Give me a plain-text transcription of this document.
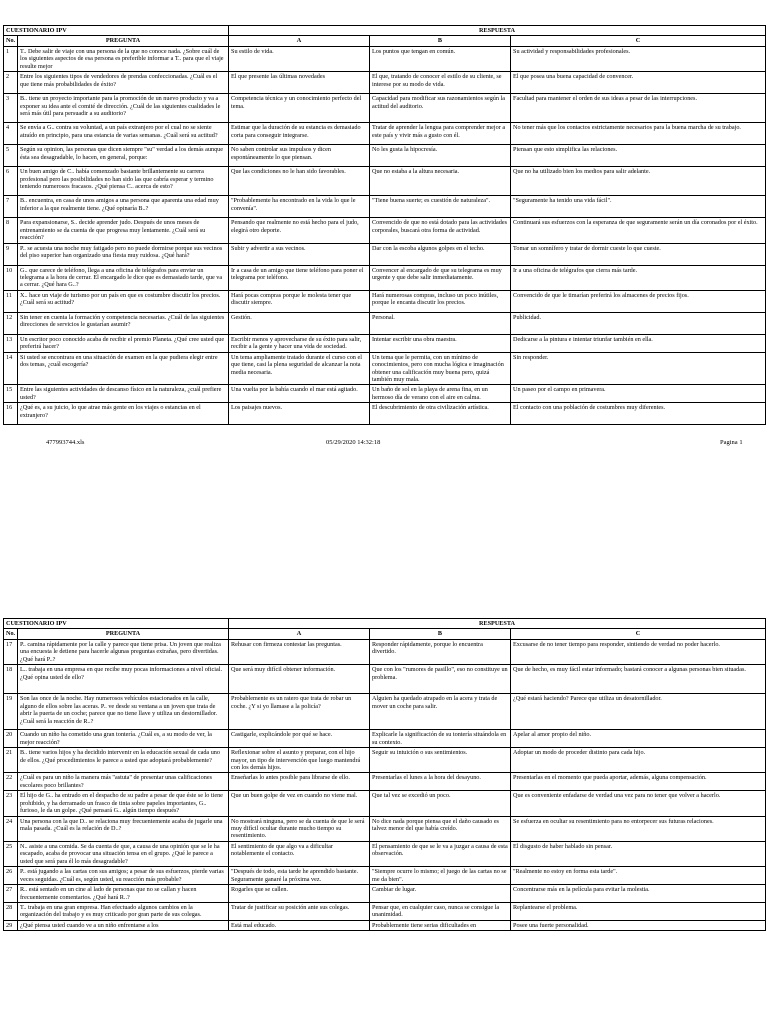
CUESTIONARIO IPV		RESPUESTA		
No.	PREGUNTA	A	B	C
1	T.. Debe salir de viaje con una persona de la que no conoce nada. ¿Sobre cuál de los siguientes aspectos de esa persona es preferible informar a T.. para que el viaje resulte mejor	Su estilo de vida.	Los puntos que tengan en común.	Su actividad y responsabilidades profesionales.
2	Entre los siguientes tipos de vendedores de prendas confeccionadas. ¿Cuál es el que tiene más probabilidades de éxito?	El que presente las últimas novedades	El que, tratando de conocer el estilo de su cliente, se interese por su modo de vida.	El que posea una buena capacidad de convencer.
3	B.. tiene un proyecto importante para la promoción de un nuevo producto y va a exponer su idea ante el comité de dirección. ¿Cuál de las siguientes cualidades le será más útil para persuadir a su auditorio?	Competencia técnica y un conocimiento perfecto del tema.	Capacidad para modificar sus razonamientos según la actitud del auditorio.	Facultad para mantener el orden de sus ideas a pesar de las interrupciones.
4	Se envía a G.. contra su voluntad, a un país extranjero por el cual no se siente atraído en principio, para una estancia de varias semanas. ¿Cuál será su actitud?	Estimar que la duración de su estancia es demasiado corta para conseguir integrarse.	Tratar de aprender la lengua para comprender mejor a este país y vivir más a gusto con él.	No tener más que los contactos estrictamente necesarios para la buena marcha de su trabajo.
5	Según su opinion, las personas que dicen siempre "su" verdad a los demás aunque ésta sea desagradable, lo hacen, en general, porque:	No saben controlar sus impulsos y dicen espontáneamente lo que piensan.	No les gusta la hipocresía.	Piensan que esto simplifica las relaciones.
6	Un buen amigo de C.. había comenzado bastante brillantemente su carrera profesional pero las posibilidades no han sido las que cabría esperar y termino teniendo numerosos fracasos. ¿Qué piensa C.. acerca de esto?	Que las condiciones no le han sido favorables.	Que no estaba a la altura necesaria.	Que no ha utilizado bien los medios para salir adelante.
7	B.. encuentra, en casa de unos amigos a una persona que aparenta una edad muy inferior a la que realmente tiene. ¿Qué opinaría B..?	"Probablemente ha encontrado en la vida lo que le convenía".	"Tiene buena suerte; es cuestión de naturaleza".	"Seguramente ha tenido una vida fácil".
8	Para expansionarse, S.. decide aprender judo. Después de unos meses de entrenamiento se da cuenta de que progresa muy lentamente. ¿Cuál será su reacción?	Pensando que realmente no está hecho para el judo, elegirá otro deporte.	Convencido de que no está dotado para las actividades corporales, buscará otra forma de actividad.	Continuará sus esfuerzos con la esperanza de que seguramente serán un día coronados por el éxito.
9	P.. se acuesta una noche muy fatigado pero no puede dormirse porque sus vecinos del piso superior han organizado una fiesta muy ruidosa. ¿Qué hará?	Subir y advertir a sus vecinos.	Dar con la escoba algunos golpes en el techo.	Tomar un somnífero y tratar de dormir cueste lo que cueste.
10	G.. que carece de teléfono, llega a una oficina de telégrafos para enviar un telegrama a la hora de cerrar. El encargado le dice que es demasiado tarde, que va a cerrar. ¿Qué hara G..?	Ir a casa de un amigo que tiene teléfono para poner el telegrama por teléfono.	Convencer al encargado de que su telegrama es muy urgente y que debe salir inmediatamente.	Ir a una oficina de telégrafos que cierra más tarde.
11	X.. hace un viaje de turismo por un país en que es costumbre discutir los precios. ¿Cuál será su actitud?	Hará pocas compras porque le molesta tener que discutir siempre.	Hará numerosas compras, incluso un poco inútiles, porque le encanta discutir los precios.	Convencido de que le timarían preferirá los almacenes de precios fijos.
12	Sin tener en cuenta la formación y competencia necesarias. ¿Cuál de las siguientes direcciones de servicios le gustarían asumir?	Gestión.	Personal.	Publicidad.
13	Un escritor poco conocido acaba de recibir el premio Planeta. ¿Qué cree usted que preferirá hacer?	Escribir menos y aprovecharse de su éxito para salir, recibir a la gente y hacer una vida de sociedad.	Intentar escribir una obra maestra.	Dedicarse a la pintura e intentar triunfar también en ella.
14	Si usted se encontrara en una situación de examen en la que pudiera elegir entre dos temas, ¿cuál escogería?	Un tema ampliamente tratado durante el curso con el que tiene, casi la plena seguridad de alcanzar la nota media necesaria.	Un tema que le permita, con un mínimo de conocimientos, pero con mucha lógica e imaginación obtener una calificación muy buena pero, quizá también muy mala.	Sin responder.
15	Entre las siguientes actividades de descanso físico en la naturaleza, ¿cuál prefiere usted?	Una vuelta por la bahía cuando el mar está agitado.	Un baño de sol en la playa de arena fina, en un hermoso día de verano con el aire en calma.	Un paseo por el campo en primavera.
16	¿Qué es, a su juicio, lo que atrae más gente en los viajes o estancias en el extranjero?	Los paisajes nuevos.	El descubrimiento de otra civilización artística.	El contacto con una población de costumbres muy diferentes.
477993744.xls	05/29/2020 14:32:18	Pagina 1
CUESTIONARIO IPV		RESPUESTA		
No.	PREGUNTA	A	B	C
17	P.. camina rápidamente por la calle y parece que tiene prisa. Un joven que realiza una encuesta le detiene para hacerle algunas preguntas extrañas, pero divertidas. ¿Qué hará P..?	Rehusar con firmeza contestar las preguntas.	Responder rápidamente, porque lo encuentra divertido.	Excusarse de no tener tiempo para responder, sintiendo de verdad no poder hacerlo.
18	L.. trabaja en una empresa en que recibe muy pocas informaciones a nivel oficial. ¿Qué opina usted de ello?	Que será muy difícil obtener información.	Que con los "rumores de pasillo", eso no constituye un problema.	Que de hecho, es muy fácil estar informado; bastará conocer a algunas personas bien situadas.
19	Son las once de la noche. Hay numerosos vehículos estacionados en la calle, alguno de ellos sobre las aceras. P.. ve desde su ventana a un joven que trata de abrir la puerta de un coche; parece que no tiene llave y utiliza un destornillador. ¿Cuál será la reacción de R..?	Probablemente es un ratero que trata de robar un coche. ¿Y si yo llamase a la policía?	Alguien ha quedado atrapado en la acera y trata de mover un coche para salir.	¿Qué estará haciendo? Parece que utiliza un desatornillador.
20	Cuando un niño ha cometido una gran tontería. ¿Cuál es, a su modo de ver, la mejor reacción?	Castigarle, explicándole por qué se hace.	Explicarle la significación de su tontería situándola en su contexto.	Apelar al amor propio del niño.
21	B.. tiene varios hijos y ha decidido intervenir en la educación sexual de cada uno de ellos. ¿Qué procedimientos le parece a usted que adoptará probablemente?	Reflexionar sobre el asunto y preparar, con el hijo mayor, un tipo de intervención que luego mantendrá con los demás hijos.	Seguir su intuición o sus sentimientos.	Adoptar un modo de proceder distinto para cada hijo.
22	¿Cuál es para un niño la manera más "astuta" de presentar unas calificaciones escolares poco brillantes?	Enseñarlas lo antes posible para librarse de ello.	Presentarlas el lunes a la hora del desayuno.	Presentarlas en el momento que pueda aportar, además, alguna compensación.
23	El hijo de G.. ha entrado en el despacho de su padre a pesar de que éste se lo tiene prohibido, y ha derramado un frasco de tinta sobre papeles importantes, G.. furioso, le da un golpe. ¿Qué pensará G.. algún tiempo después?	Que un buen golpe de vez en cuando no viene mal.	Que tal vez se excedió un poco.	Que es conveniente enfadarse de verdad una vez para no tener que volver a hacerlo.
24	Una persona con la que D.. se relaciona muy frecuentemente acaba de jugarle una mala pasada. ¿Cuál es la relación de D..?	No mostrará ninguna, pero se da cuenta de que le será muy difícil ocultar durante mucho tiempo su resentimiento.	No dice nada porque piensa que el daño causado es talvez menor del que había creído.	Se esfuerza en ocultar su resentimiento para no entorpecer sus futuras relaciones.
25	N.. asiste a una comida. Se da cuenta de que, a causa de una opinión que se le ha escapado, acaba de provocar una situación tensa en el grupo. ¿Qué le parece a usted que será para él lo más desagradable?	El sentimiento de que algo va a dificultar notablemente el contacto.	El pensamiento de que se le va a juzgar a causa de esta observación.	El disgusto de haber hablado sin pensar.
26	P.. está jugando a las cartas con sus amigos; a pesar de sus esfuerzos, pierde varias veces seguidas. ¿Cuál es, según usted, su reacción más probable?	"Después de todo, esta tarde he aprendido bastante. Seguramente ganaré la próxima vez.	"Siempre ocurre lo mismo; el juego de las cartas no se me da bien".	"Realmente no estoy en forma esta tarde".
27	R.. está sentado en un cine al lado de personas que no se callan y hacen frecuentemente comentarios. ¿Qué hará R..?	Rogarles que se callen.	Cambiar de lugar.	Concentrarse más en la película para evitar la molestia.
28	T.. trabaja en una gran empresa. Han efectuado algunos cambios en la organización del trabajo y es muy criticado por gran parte de sus colegas.	Tratar de justificar su posición ante sus colegas.	Pensar que, en cualquier caso, nunca se consigue la unanimidad.	Replantearse el problema.
29	¿Qué piensa usted cuando ve a un niño enfrentarse a los	Está mal educado.	Probablemente tiene serias dificultades en	Posee una fuerte personalidad.
